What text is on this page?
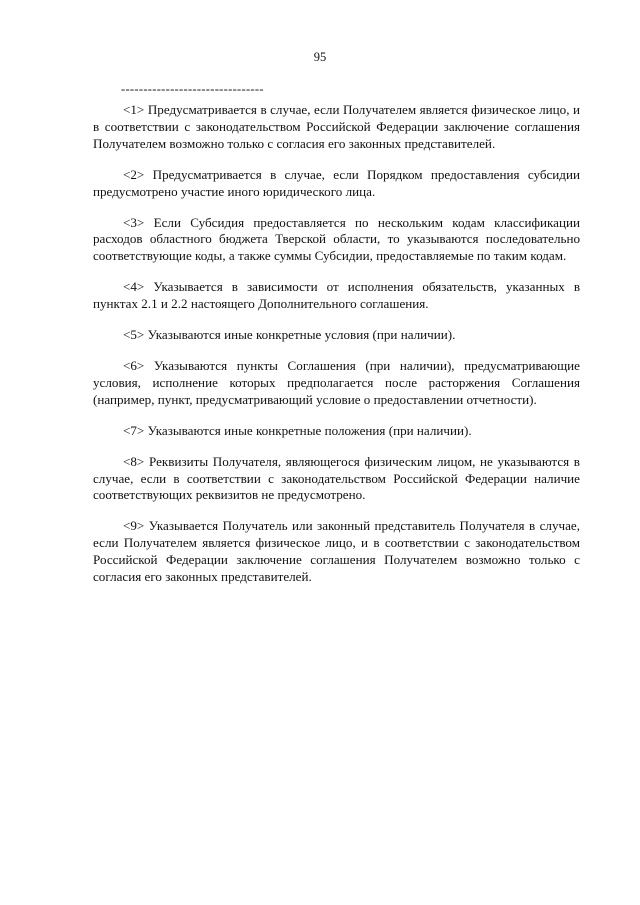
95
--------------------------------

<1> Предусматривается в случае, если Получателем является физическое лицо, и в соответствии с законодательством Российской Федерации заключение соглашения Получателем возможно только с согласия его законных представителей.

<2> Предусматривается в случае, если Порядком предоставления субсидии предусмотрено участие иного юридического лица.

<3> Если Субсидия предоставляется по нескольким кодам классификации расходов областного бюджета Тверской области, то указываются последовательно соответствующие коды, а также суммы Субсидии, предоставляемые по таким кодам.

<4> Указывается в зависимости от исполнения обязательств, указанных в пунктах 2.1 и 2.2 настоящего Дополнительного соглашения.

<5> Указываются иные конкретные условия (при наличии).

<6> Указываются пункты Соглашения (при наличии), предусматривающие условия, исполнение которых предполагается после расторжения Соглашения (например, пункт, предусматривающий условие о предоставлении отчетности).

<7> Указываются иные конкретные положения (при наличии).

<8> Реквизиты Получателя, являющегося физическим лицом, не указываются в случае, если в соответствии с законодательством Российской Федерации наличие соответствующих реквизитов не предусмотрено.

<9> Указывается Получатель или законный представитель Получателя в случае, если Получателем является физическое лицо, и в соответствии с законодательством Российской Федерации заключение соглашения Получателем возможно только с согласия его законных представителей.
